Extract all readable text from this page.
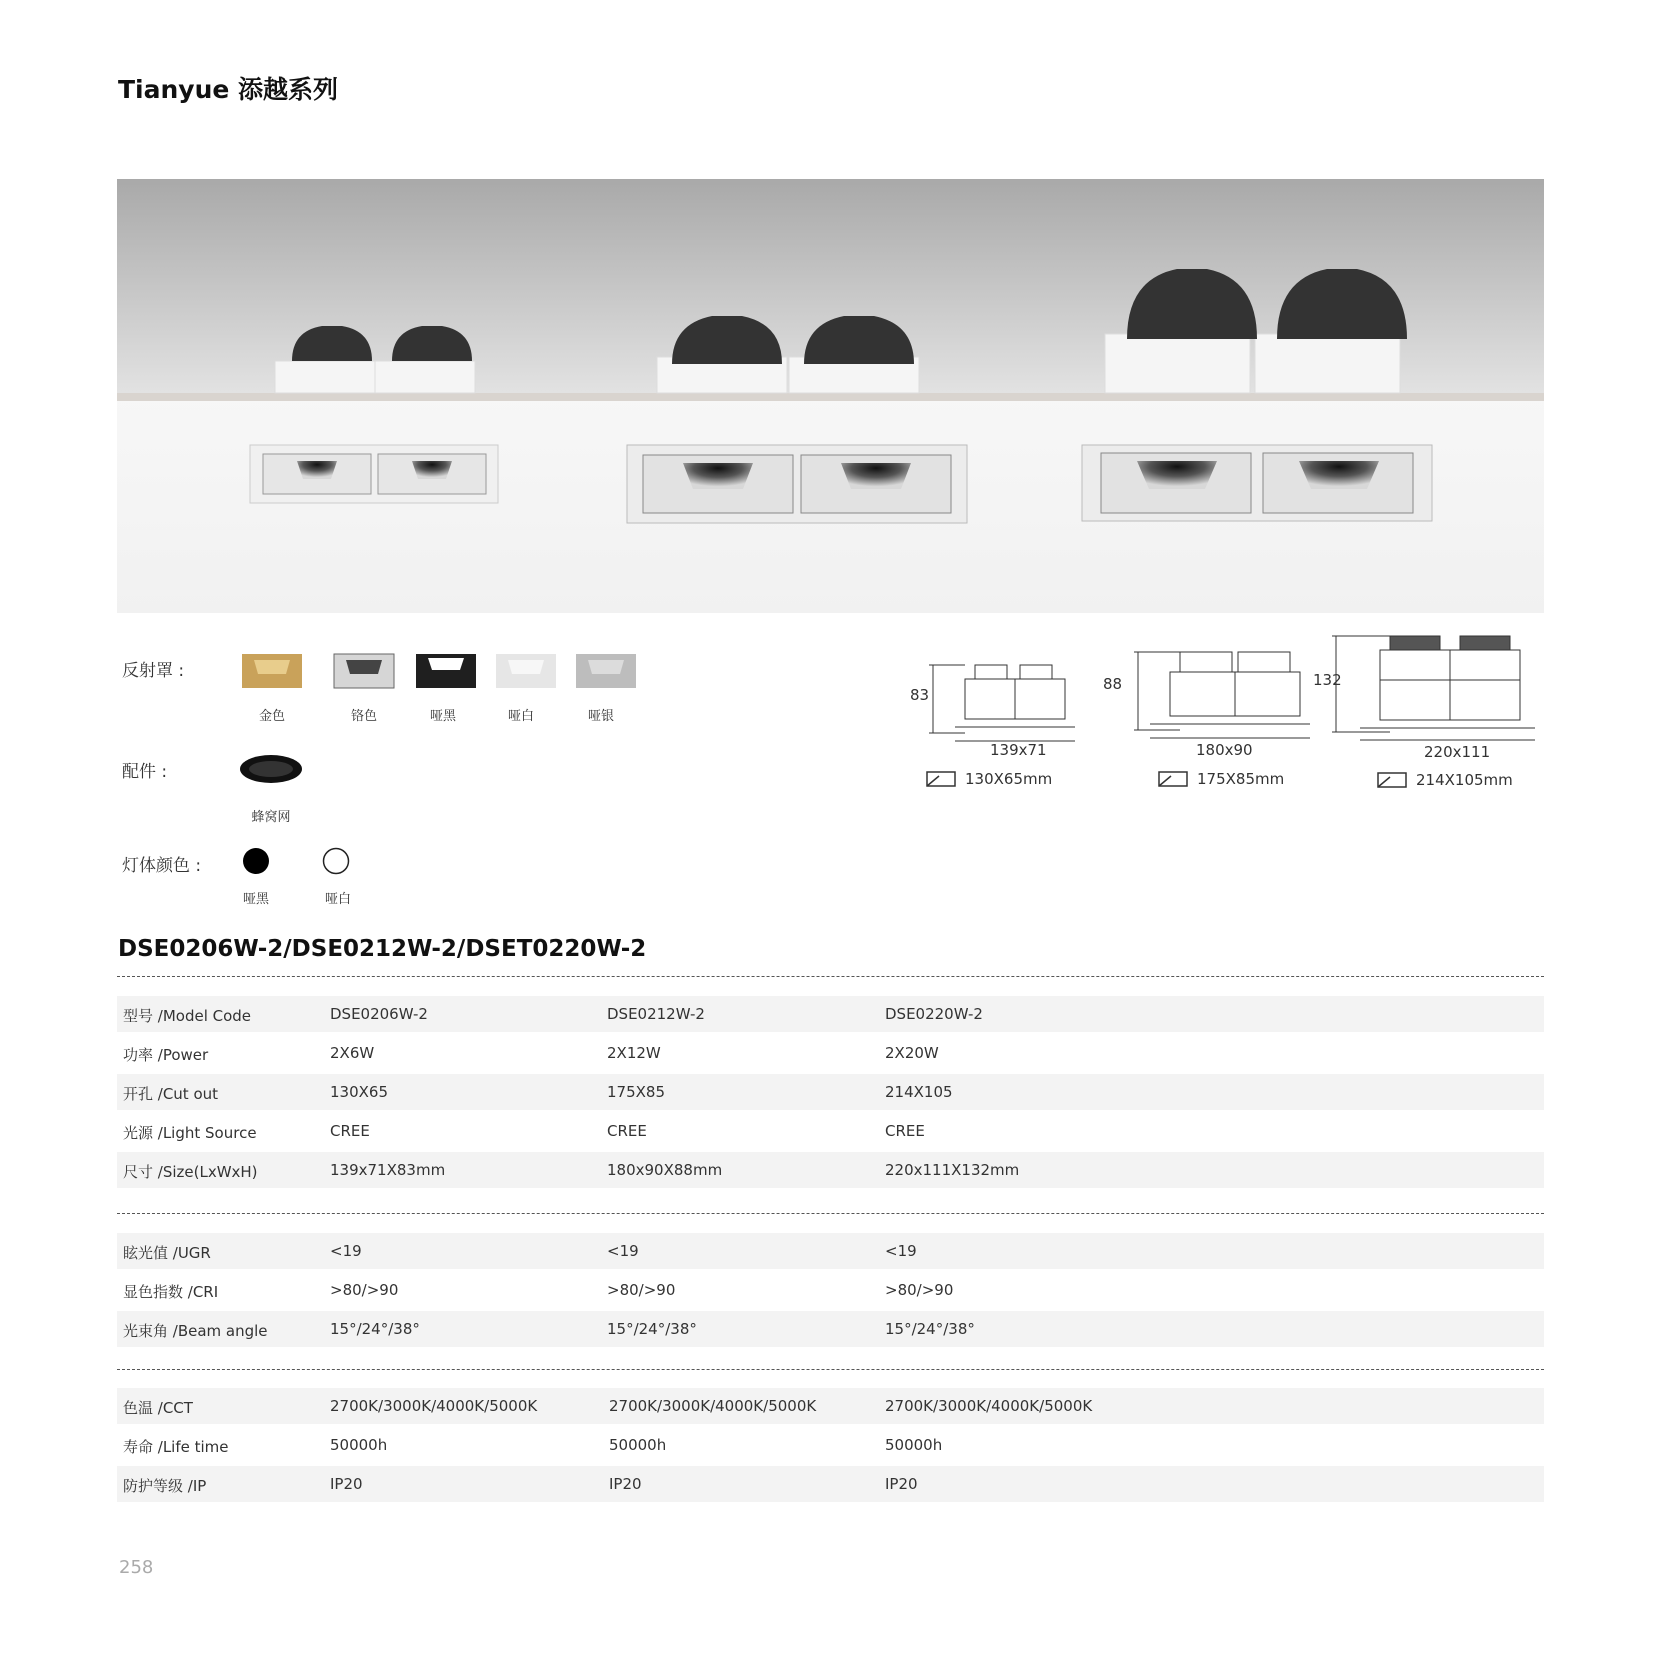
Tianyue 添越系列
反射罩 :
金色	铬色	哑黑	哑白	哑银
配件 :
蜂窝网
灯体颜色 :
哑黑	哑白
83
139x71
130X65mm
88
180x90
175X85mm
132
220x111
214X105mm
DSE0206W-2/DSE0212W-2/DSET0220W-2
型号 /Model Code	DSE0206W-2	DSE0212W-2	DSE0220W-2
功率 /Power	2X6W	2X12W	2X20W
开孔 /Cut out	130X65	175X85	214X105
光源 /Light Source	CREE	CREE	CREE
尺寸 /Size(LxWxH)	139x71X83mm	180x90X88mm	220x111X132mm
眩光值 /UGR	<19	<19	<19
显色指数 /CRI	>80/>90	>80/>90	>80/>90
光束角 /Beam angle	15°/24°/38°	15°/24°/38°	15°/24°/38°
色温 /CCT	2700K/3000K/4000K/5000K	2700K/3000K/4000K/5000K	2700K/3000K/4000K/5000K
寿命 /Life time	50000h	50000h	50000h
防护等级 /IP	IP20	IP20	IP20
258
